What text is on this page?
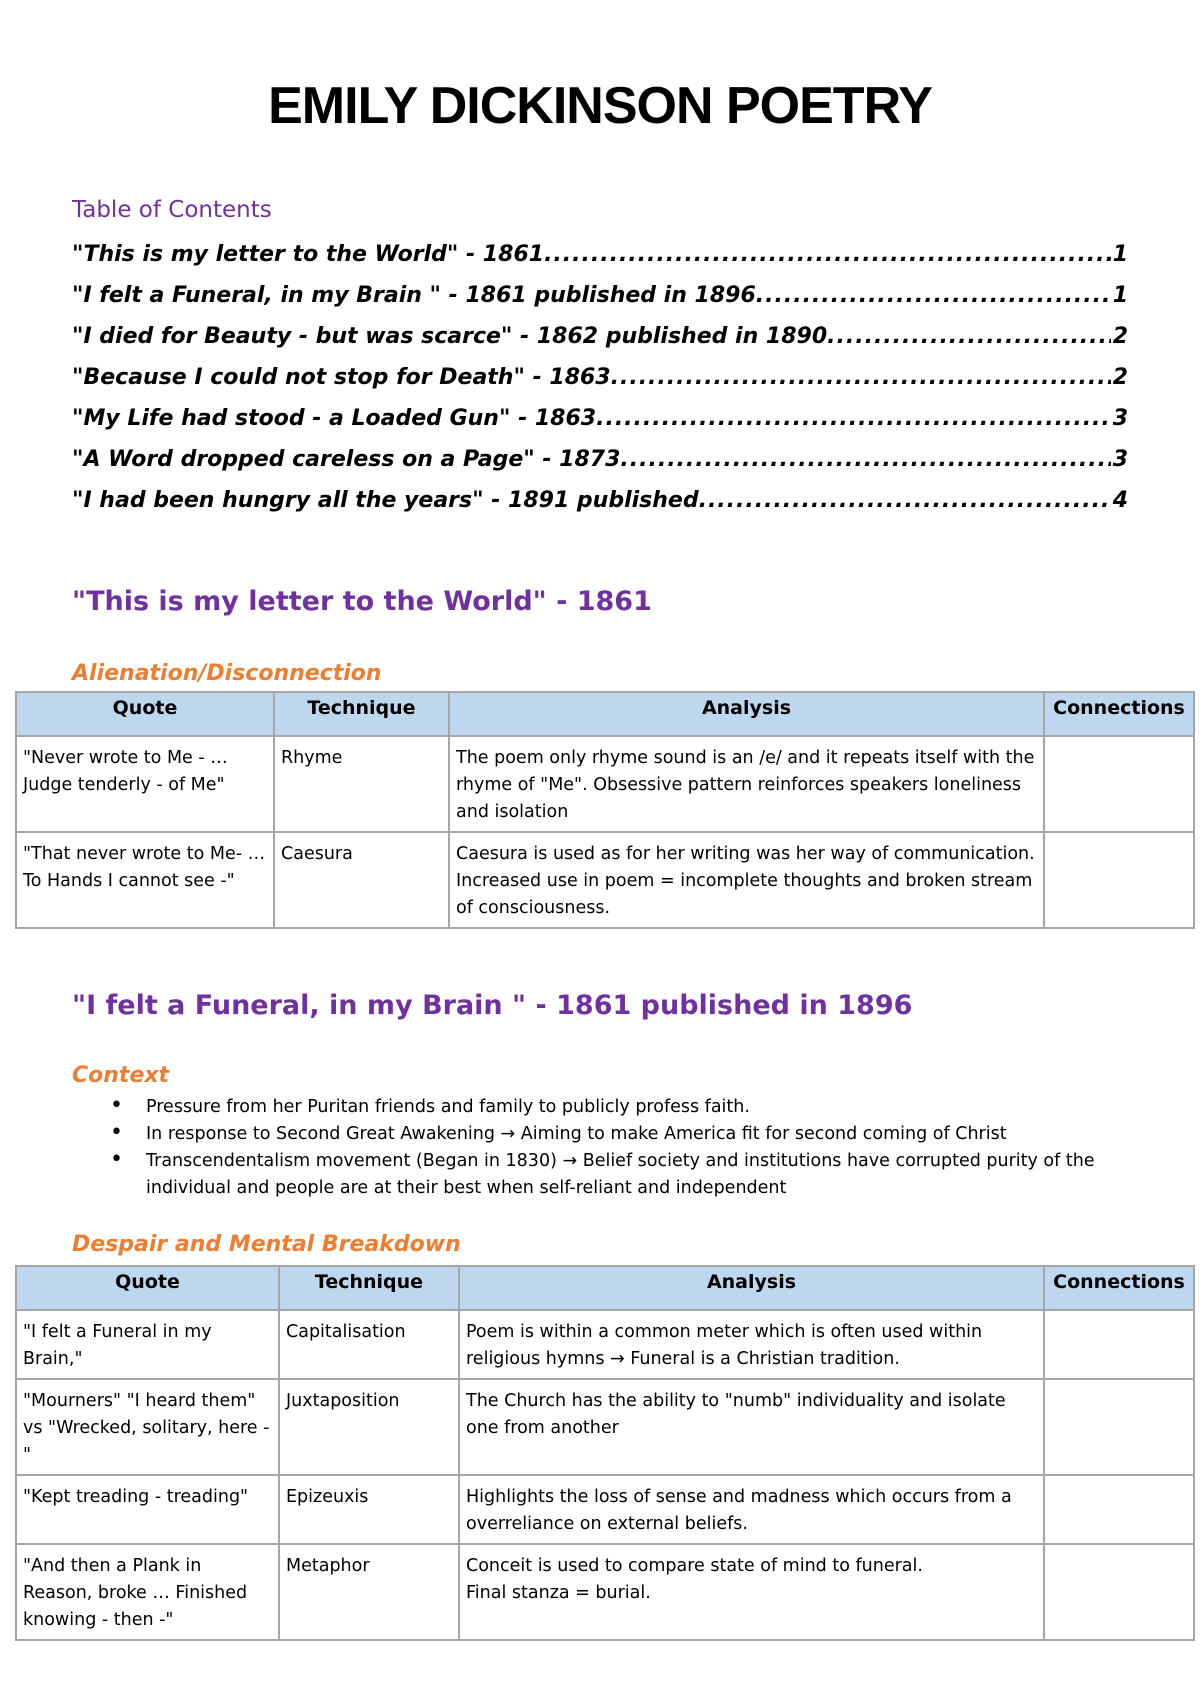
EMILY DICKINSON POETRY
Table of Contents
"This is my letter to the World" - 1861 .....	1
"I felt a Funeral, in my Brain " - 1861 published in 1896 .....	1
"I died for Beauty - but was scarce" - 1862 published in 1890 .....	2
"Because I could not stop for Death" - 1863 .....	2
"My Life had stood - a Loaded Gun" - 1863 .....	3
"A Word dropped careless on a Page" - 1873 .....	3
"I had been hungry all the years" - 1891 published .....	4
"This is my letter to the World" - 1861
Alienation/Disconnection
Quote	Technique	Analysis	Connections
"Never wrote to Me - … Judge tenderly - of Me"	Rhyme	The poem only rhyme sound is an /e/ and it repeats itself with the rhyme of "Me". Obsessive pattern reinforces speakers loneliness and isolation	
"That never wrote to Me- … To Hands I cannot see -"	Caesura	Caesura is used as for her writing was her way of communication. Increased use in poem = incomplete thoughts and broken stream of consciousness.	
"I felt a Funeral, in my Brain " - 1861 published in 1896
Context
• Pressure from her Puritan friends and family to publicly profess faith.
• In response to Second Great Awakening → Aiming to make America fit for second coming of Christ
• Transcendentalism movement (Began in 1830) → Belief society and institutions have corrupted purity of the individual and people are at their best when self-reliant and independent
Despair and Mental Breakdown
Quote	Technique	Analysis	Connections
"I felt a Funeral in my Brain,"	Capitalisation	Poem is within a common meter which is often used within religious hymns → Funeral is a Christian tradition.	
"Mourners" "I heard them" vs "Wrecked, solitary, here -"	Juxtaposition	The Church has the ability to "numb" individuality and isolate one from another	
"Kept treading - treading"	Epizeuxis	Highlights the loss of sense and madness which occurs from a overreliance on external beliefs.	
"And then a Plank in Reason, broke … Finished knowing - then -"	Metaphor	Conceit is used to compare state of mind to funeral.
Final stanza = burial.	
